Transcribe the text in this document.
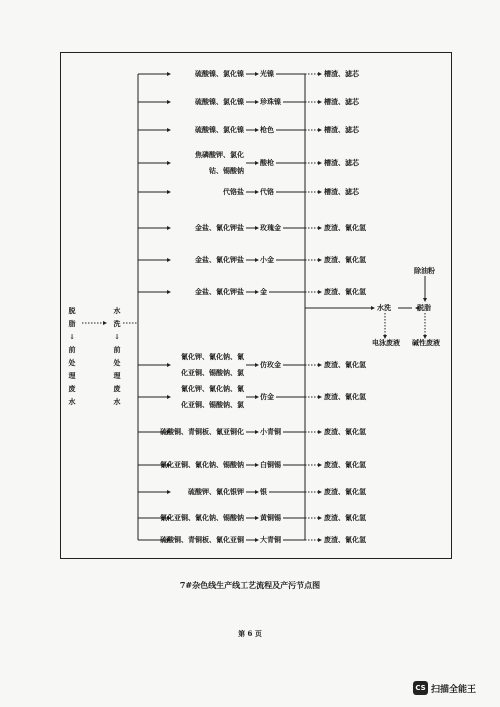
脱
脂
↓
前
处
理
废
水
水
洗
↓
前
处
理
废
水
硫酸镍、氯化镍 光镍	槽渣、滤芯
硫酸镍、氯化镍 珍珠镍	槽渣、滤芯
硫酸镍、氯化镍 枪色	槽渣、滤芯
焦磷酸钾、氯化
钴、锡酸钠
酸枪	槽渣、滤芯
代铬盐 代铬	槽渣、滤芯
金盐、氰化钾盐 玫瑰金	废渣、氰化氢
金盐、氰化钾盐 小金	废渣、氰化氢
金盐、氰化钾盐 金	废渣、氰化氢
氰化钾、氰化钠、氰
化亚铜、锡酸钠、氯
仿玫金	废渣、氰化氢
氰化钾、氰化钠、氰
化亚铜、锡酸钠、氯
仿金	废渣、氰化氢
硫酸铜、青铜板、氰亚铜化 小青铜	废渣、氰化氢
氰化亚铜、氰化钠、锡酸钠 白铜锡	废渣、氰化氢
硫酸钾、氰化银钾 银	废渣、氰化氢
氰化亚铜、氰化钠、锡酸钠 黄铜锡	废渣、氰化氢
硫酸铜、青铜板、氰化亚铜 大青铜	废渣、氰化氢
水洗	脱脂
除油粉
电泳废液 碱性废液
7#杂色线生产线工艺流程及产污节点图
第 6 页
CS 扫描全能王
